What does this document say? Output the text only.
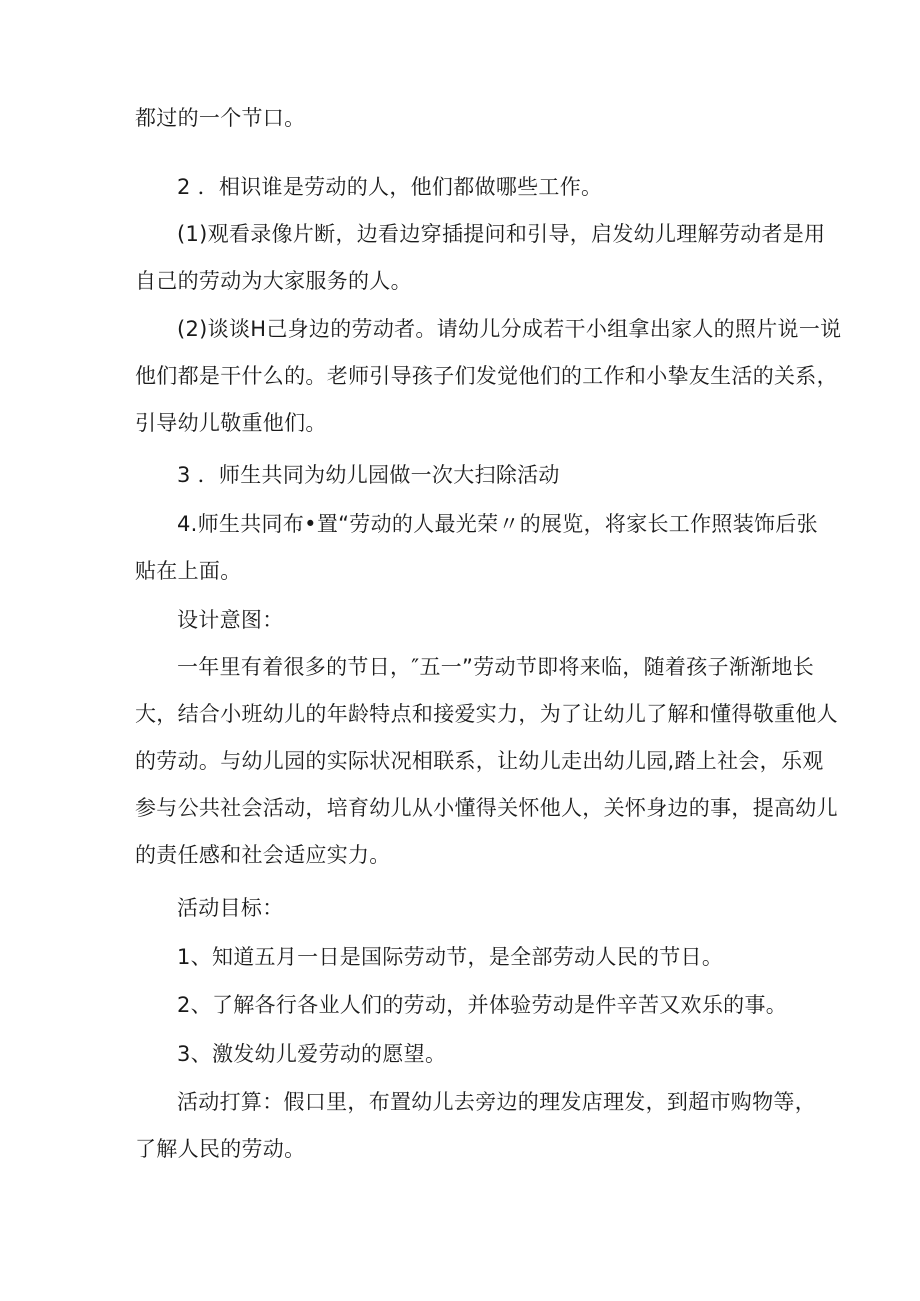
都过的一个节口。
2 ．相识谁是劳动的人，他们都做哪些工作。
(1)观看录像片断，边看边穿插提问和引导，启发幼儿理解劳动者是用
自己的劳动为大家服务的人。
(2)谈谈H己身边的劳动者。请幼儿分成若干小组拿出家人的照片说一说
他们都是干什么的。老师引导孩子们发觉他们的工作和小挚友生活的关系，
引导幼儿敬重他们。
3 ．师生共同为幼儿园做一次大扫除活动
4.师生共同布•置“劳动的人最光荣〃的展览，将家长工作照装饰后张
贴在上面。
设计意图：
一年里有着很多的节日，″五一”劳动节即将来临，随着孩子渐渐地长
大，结合小班幼儿的年龄特点和接爱实力，为了让幼儿了解和懂得敬重他人
的劳动。与幼儿园的实际状况相联系，让幼儿走出幼儿园,踏上社会，乐观
参与公共社会活动，培育幼儿从小懂得关怀他人，关怀身边的事，提高幼儿
的责任感和社会适应实力。
活动目标：
1、知道五月一日是国际劳动节，是全部劳动人民的节日。
2、了解各行各业人们的劳动，并体验劳动是件辛苦又欢乐的事。
3、激发幼儿爱劳动的愿望。
活动打算：假口里，布置幼儿去旁边的理发店理发，到超市购物等，
了解人民的劳动。
